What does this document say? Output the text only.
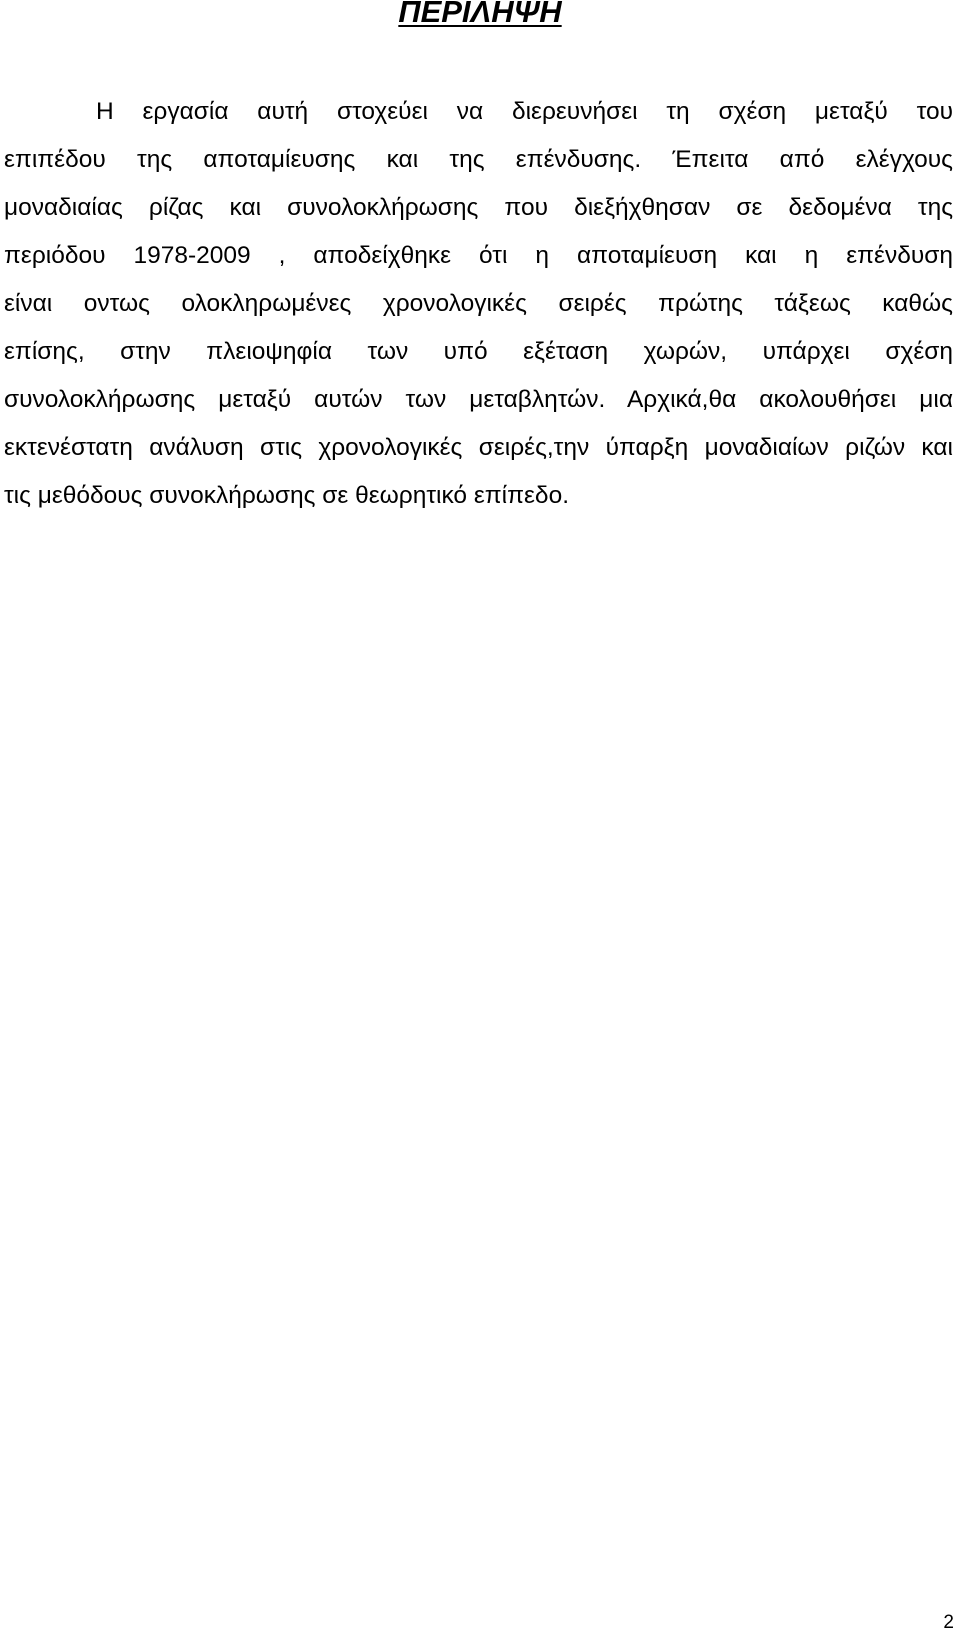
ΠΕΡΙΛΗΨΗ
Η εργασία αυτή στοχεύει να διερευνήσει τη σχέση μεταξύ του
επιπέδου της αποταμίευσης και της επένδυσης. Έπειτα από ελέγχους
μοναδιαίας ρίζας και συνολοκλήρωσης που διεξήχθησαν σε δεδομένα της
περιόδου 1978-2009 , αποδείχθηκε ότι η αποταμίευση και η επένδυση
είναι οντως ολοκληρωμένες χρονολογικές σειρές πρώτης τάξεως καθώς
επίσης, στην πλειοψηφία των υπό εξέταση χωρών, υπάρχει σχέση
συνολοκλήρωσης μεταξύ αυτών των μεταβλητών. Αρχικά,θα ακολουθήσει μια
εκτενέστατη ανάλυση στις χρονολογικές σειρές,την ύπαρξη μοναδιαίων ριζών και
τις μεθόδους συνοκλήρωσης σε θεωρητικό επίπεδο.
2
